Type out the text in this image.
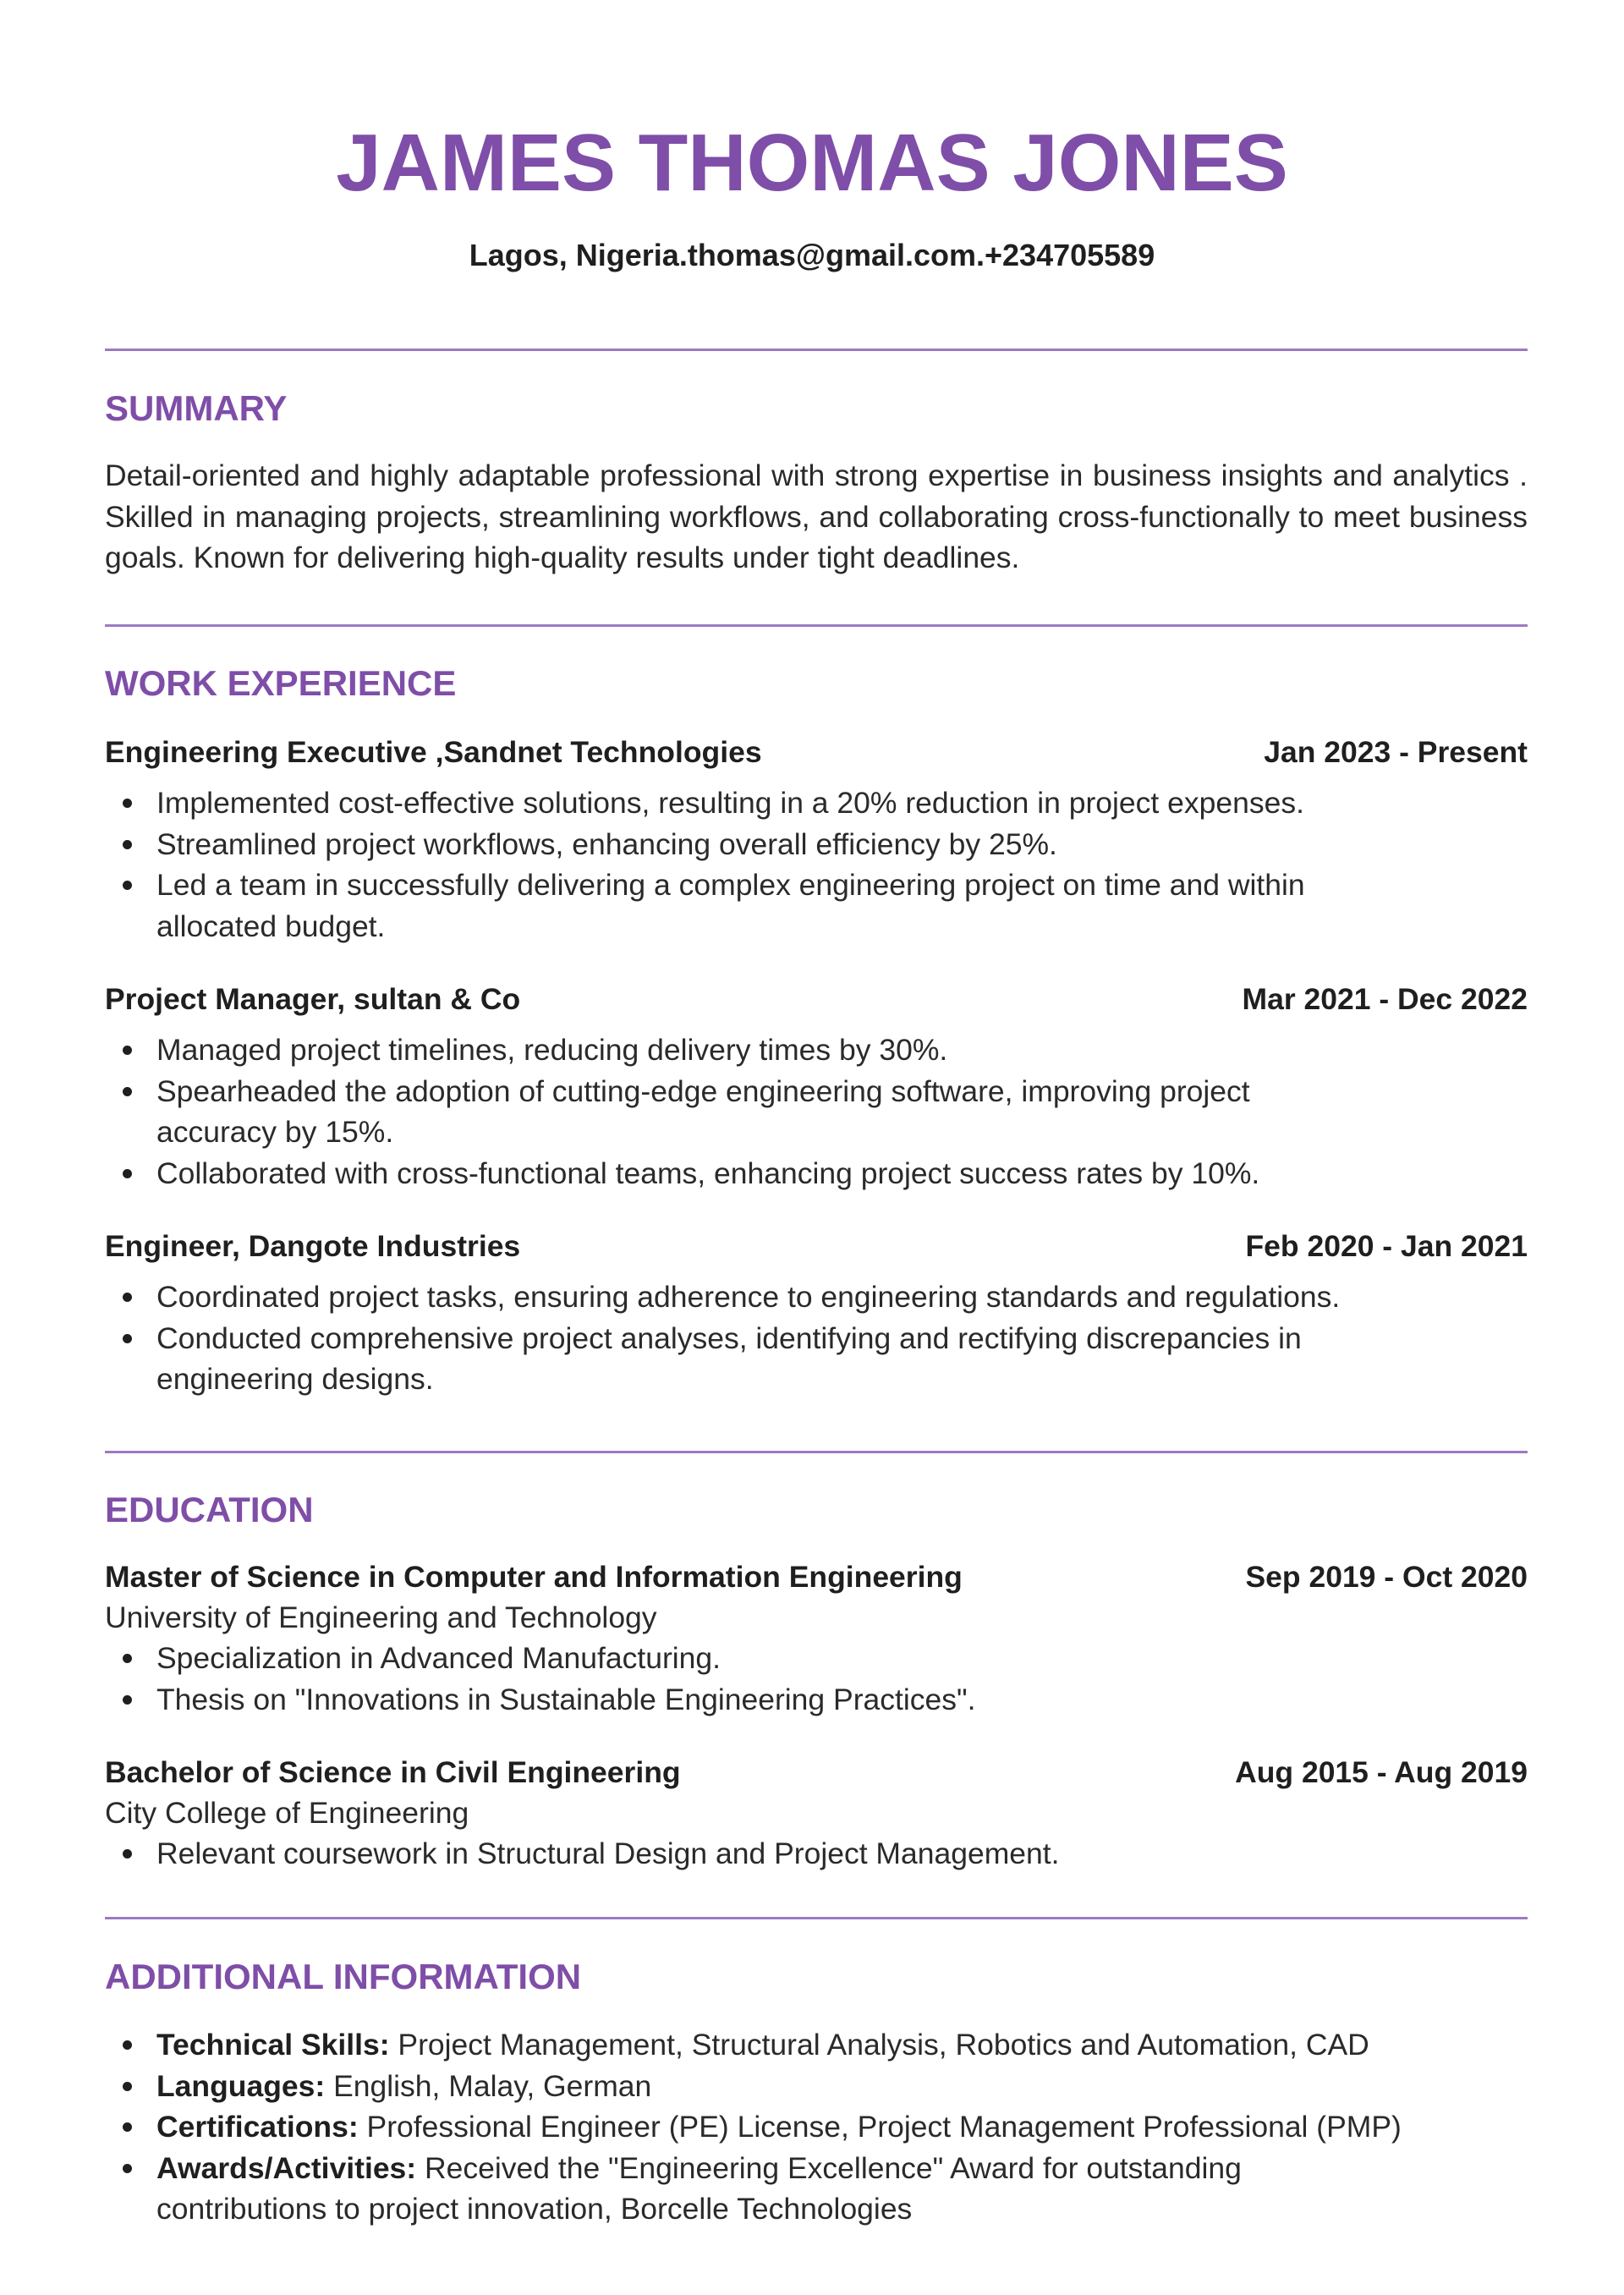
JAMES THOMAS JONES
Lagos, Nigeria.thomas@gmail.com.+234705589
SUMMARY

Detail-oriented and highly adaptable professional with strong expertise in business insights and analytics . Skilled in managing projects, streamlining workflows, and collaborating cross-functionally to meet business goals. Known for delivering high-quality results under tight deadlines.

WORK EXPERIENCE
Engineering Executive ,Sandnet Technologies	Jan 2023 - Present
Implemented cost-effective solutions, resulting in a 20% reduction in project expenses.
Streamlined project workflows, enhancing overall efficiency by 25%.
Led a team in successfully delivering a complex engineering project on time and within allocated budget.
Project Manager, sultan & Co	Mar 2021 - Dec 2022
Managed project timelines, reducing delivery times by 30%.
Spearheaded the adoption of cutting-edge engineering software, improving project accuracy by 15%.
Collaborated with cross-functional teams, enhancing project success rates by 10%.
Engineer, Dangote Industries	Feb 2020 - Jan 2021
Coordinated project tasks, ensuring adherence to engineering standards and regulations.
Conducted comprehensive project analyses, identifying and rectifying discrepancies in engineering designs.
EDUCATION
Master of Science in Computer and Information Engineering	Sep 2019 - Oct 2020
University of Engineering and Technology
Specialization in Advanced Manufacturing.
Thesis on "Innovations in Sustainable Engineering Practices".
Bachelor of Science in Civil Engineering	Aug 2015 - Aug 2019
City College of Engineering
Relevant coursework in Structural Design and Project Management.
ADDITIONAL INFORMATION
Technical Skills: Project Management, Structural Analysis, Robotics and Automation, CAD
Languages: English, Malay, German
Certifications: Professional Engineer (PE) License, Project Management Professional (PMP)
Awards/Activities: Received the "Engineering Excellence" Award for outstanding contributions to project innovation, Borcelle Technologies
